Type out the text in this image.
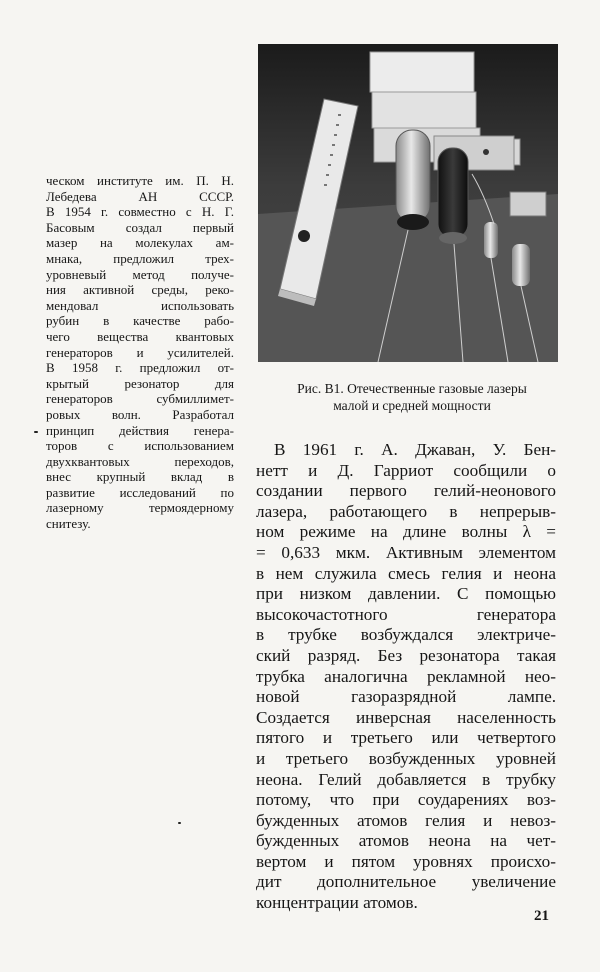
ческом институте им. П. Н.
Лебедева АН СССР.
В 1954 г. совместно с Н. Г.
Басовым создал первый
мазер на молекулах ам-
мнака, предложил трех-
уровневый метод получе-
ния активной среды, реко-
мендовал использовать
рубин в качестве рабо-
чего вещества квантовых
генераторов и усилителей.
В 1958 г. предложил от-
крытый резонатор для
генераторов субмиллимет-
ровых волн. Разработал
принцип действия генера-
торов с использованием
двухквантовых переходов,
внес крупный вклад в
развитие исследований по
лазерному термоядерному
снитезу.
Рис. В1. Отечественные газовые лазеры
малой и средней мощности
В 1961 г. А. Джаван, У. Бен-
нетт и Д. Гарриот сообщили о
создании первого гелий-неонового
лазера, работающего в непрерыв-
ном режиме на длине волны λ =
= 0,633 мкм. Активным элементом
в нем служила смесь гелия и неона
при низком давлении. С помощью
высокочастотного генератора
в трубке возбуждался электриче-
ский разряд. Без резонатора такая
трубка аналогична рекламной нео-
новой газоразрядной лампе.
Создается инверсная населенность
пятого и третьего или четвертого
и третьего возбужденных уровней
неона. Гелий добавляется в трубку
потому, что при соударениях воз-
бужденных атомов гелия и невоз-
бужденных атомов неона на чет-
вертом и пятом уровнях происхо-
дит дополнительное увеличение
концентрации атомов.
21
